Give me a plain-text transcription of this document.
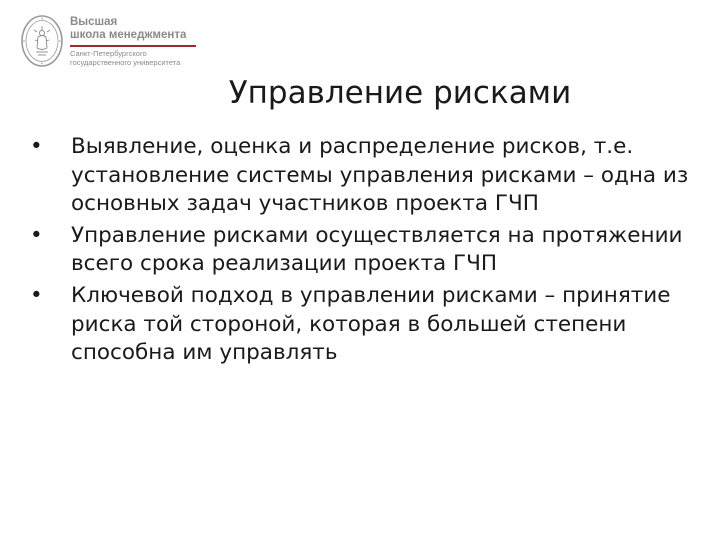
Высшая
школа менеджмента
Санкт-Петербургского
государственного университета
Управление рисками
•	Выявление, оценка и распределение рисков, т.е. установление системы управления рисками – одна из основных задач участников проекта ГЧП
•	Управление рисками осуществляется на протяжении всего срока реализации проекта ГЧП
•	Ключевой подход в управлении рисками – принятие риска той стороной, которая в большей степени способна им управлять
